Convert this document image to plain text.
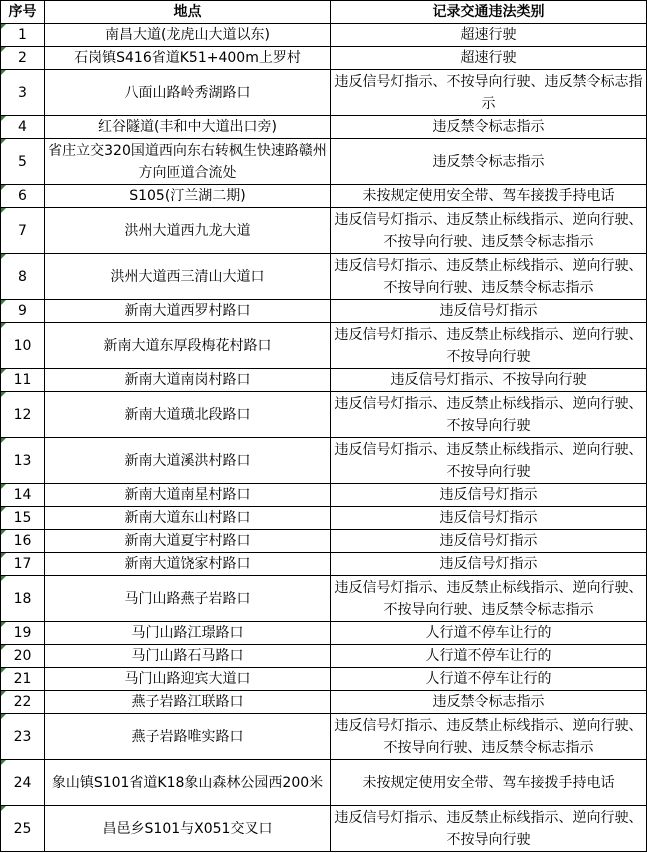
序号	地点	记录交通违法类别
1	南昌大道(龙虎山大道以东)	超速行驶
2	石岗镇S416省道K51+400m上罗村	超速行驶
3	八面山路岭秀湖路口	违反信号灯指示、不按导向行驶、违反禁令标志指示
4	红谷隧道(丰和中大道出口旁)	违反禁令标志指示
5	省庄立交320国道西向东右转枫生快速路赣州方向匝道合流处	违反禁令标志指示
6	S105(汀兰湖二期)	未按规定使用安全带、驾车接拨手持电话
7	洪州大道西九龙大道	违反信号灯指示、违反禁止标线指示、逆向行驶、不按导向行驶、违反禁令标志指示
8	洪州大道西三清山大道口	违反信号灯指示、违反禁止标线指示、逆向行驶、不按导向行驶、违反禁令标志指示
9	新南大道西罗村路口	违反信号灯指示
10	新南大道东厚段梅花村路口	违反信号灯指示、违反禁止标线指示、逆向行驶、不按导向行驶
11	新南大道南岗村路口	违反信号灯指示、不按导向行驶
12	新南大道璜北段路口	违反信号灯指示、违反禁止标线指示、逆向行驶、不按导向行驶
13	新南大道溪洪村路口	违反信号灯指示、违反禁止标线指示、逆向行驶、不按导向行驶
14	新南大道南星村路口	违反信号灯指示
15	新南大道东山村路口	违反信号灯指示
16	新南大道夏宇村路口	违反信号灯指示
17	新南大道饶家村路口	违反信号灯指示
18	马门山路燕子岩路口	违反信号灯指示、违反禁止标线指示、逆向行驶、不按导向行驶、违反禁令标志指示
19	马门山路江璟路口	人行道不停车让行的
20	马门山路石马路口	人行道不停车让行的
21	马门山路迎宾大道口	人行道不停车让行的
22	燕子岩路江联路口	违反禁令标志指示
23	燕子岩路唯实路口	违反信号灯指示、违反禁止标线指示、逆向行驶、不按导向行驶、违反禁令标志指示
24	象山镇S101省道K18象山森林公园西200米	未按规定使用安全带、驾车接拨手持电话
25	昌邑乡S101与X051交叉口	违反信号灯指示、违反禁止标线指示、逆向行驶、不按导向行驶
